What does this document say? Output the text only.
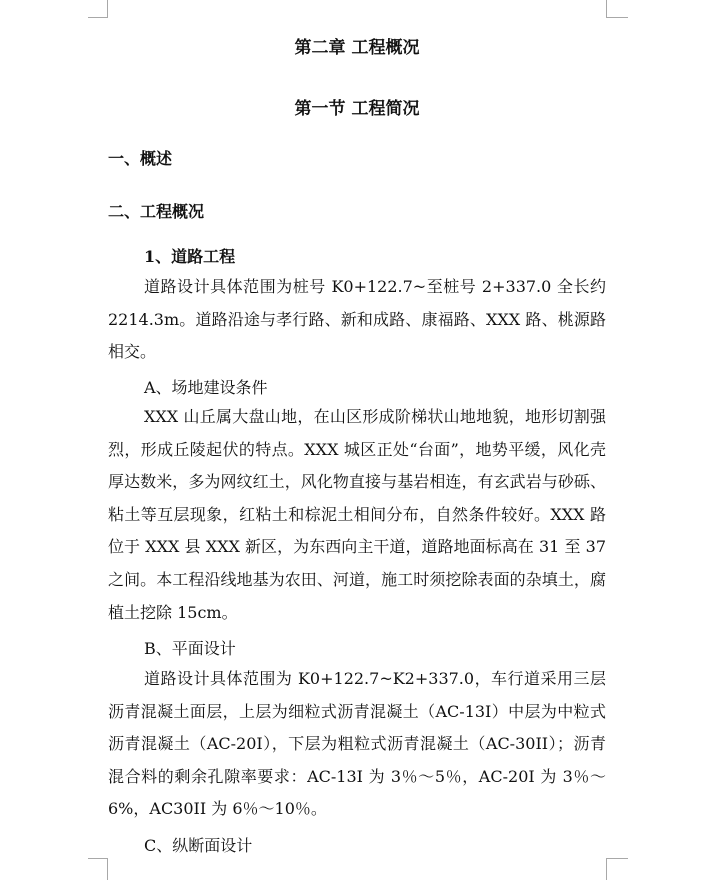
第二章 工程概况
第一节 工程简况
一、概述
二、工程概况
1、道路工程

道路设计具体范围为桩号 K0+122.7~至桩号 2+337.0 全长约 2214.3m。道路沿途与孝行路、新和成路、康福路、XXX 路、桃源路相交。

A、场地建设条件

XXX 山丘属大盘山地，在山区形成阶梯状山地地貌，地形切割强烈，形成丘陵起伏的特点。XXX 城区正处“台面”，地势平缓，风化壳厚达数米，多为网纹红土，风化物直接与基岩相连，有玄武岩与砂砾、粘土等互层现象，红粘土和棕泥土相间分布，自然条件较好。XXX 路位于 XXX 县 XXX 新区，为东西向主干道，道路地面标高在 31 至 37 之间。本工程沿线地基为农田、河道，施工时须挖除表面的杂填土，腐植土挖除 15cm。

B、平面设计

道路设计具体范围为 K0+122.7~K2+337.0，车行道采用三层沥青混凝土面层，上层为细粒式沥青混凝土（AC-13I）中层为中粒式沥青混凝土（AC-20I），下层为粗粒式沥青混凝土（AC-30II）；沥青混合料的剩余孔隙率要求：AC-13I 为 3％～5％，AC-20I 为 3％～6%，AC30II 为 6％～10％。

C、纵断面设计
